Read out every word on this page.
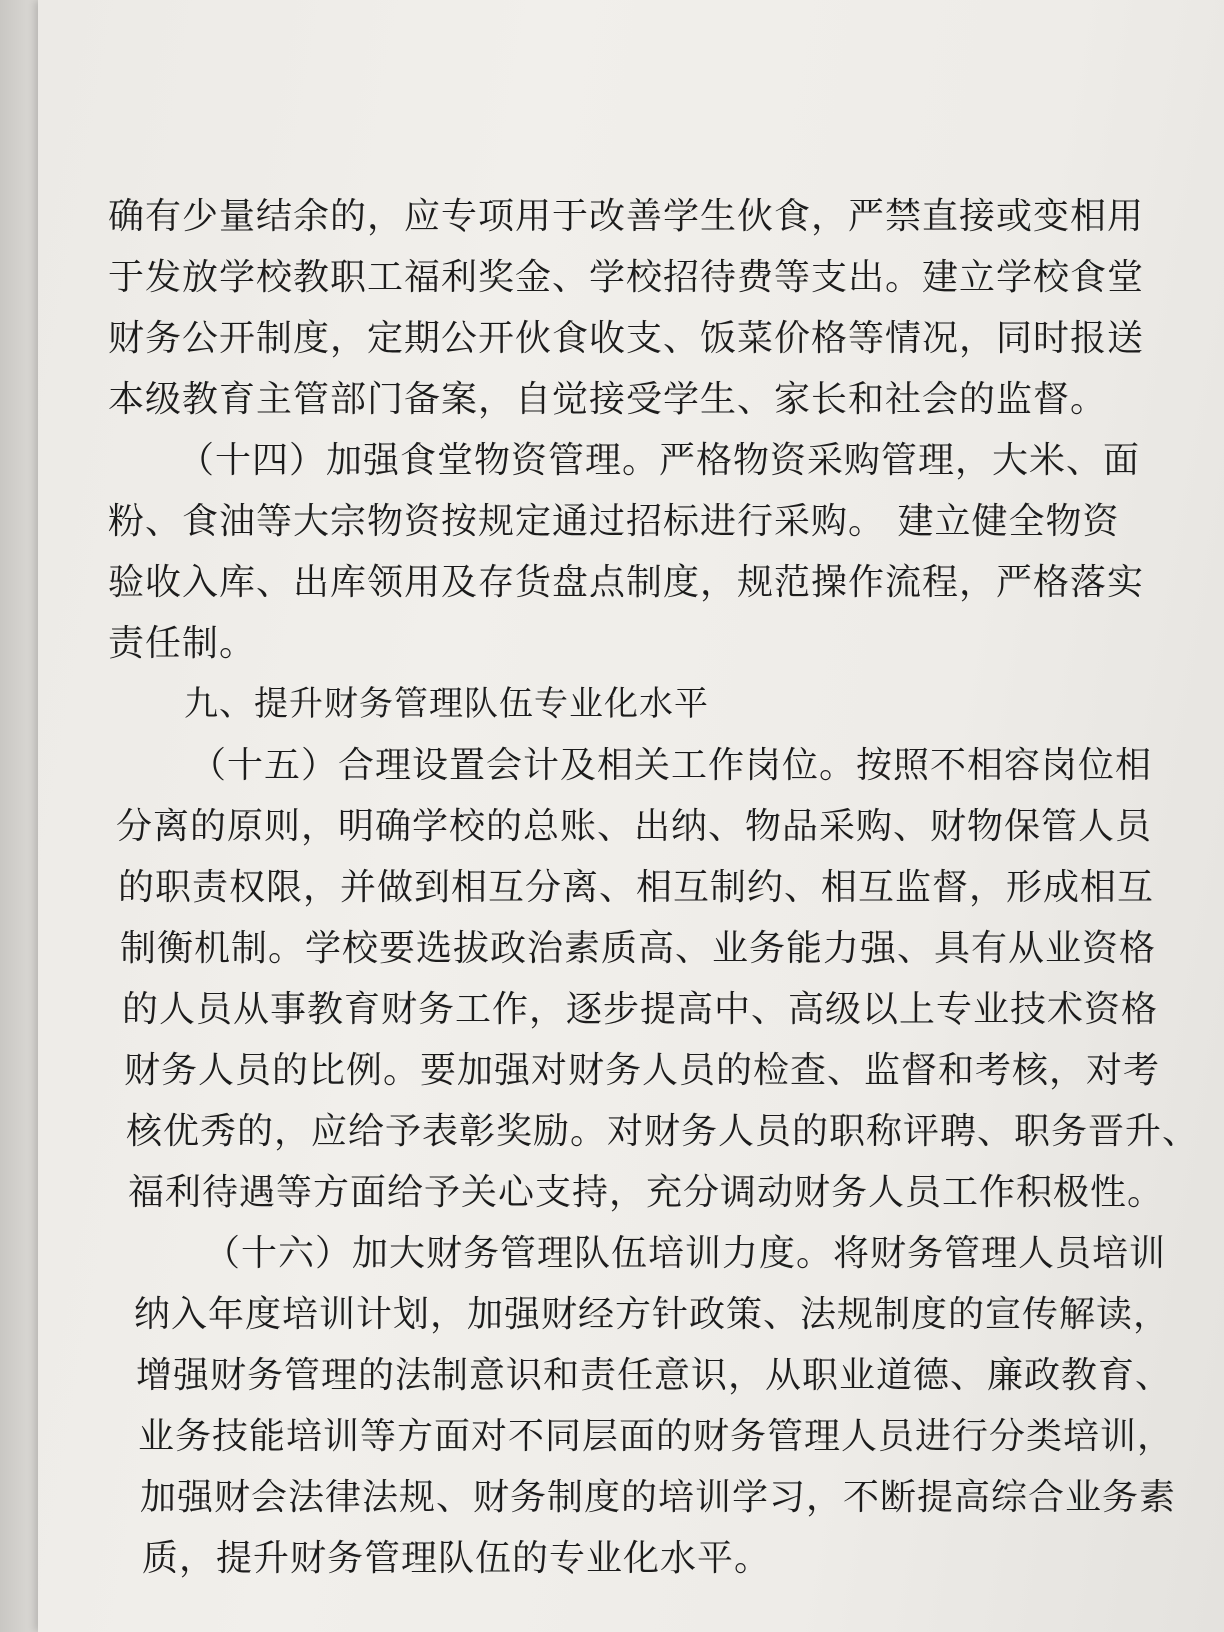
确有少量结余的，应专项用于改善学生伙食，严禁直接或变相用
于发放学校教职工福利奖金、学校招待费等支出。建立学校食堂
财务公开制度，定期公开伙食收支、饭菜价格等情况，同时报送
本级教育主管部门备案，自觉接受学生、家长和社会的监督。
（十四）加强食堂物资管理。严格物资采购管理，大米、面
粉、食油等大宗物资按规定通过招标进行采购。 建立健全物资
验收入库、出库领用及存货盘点制度，规范操作流程，严格落实
责任制。
九、提升财务管理队伍专业化水平
（十五）合理设置会计及相关工作岗位。按照不相容岗位相
分离的原则，明确学校的总账、出纳、物品采购、财物保管人员
的职责权限，并做到相互分离、相互制约、相互监督，形成相互
制衡机制。学校要选拔政治素质高、业务能力强、具有从业资格
的人员从事教育财务工作，逐步提高中、高级以上专业技术资格
财务人员的比例。要加强对财务人员的检查、监督和考核，对考
核优秀的，应给予表彰奖励。对财务人员的职称评聘、职务晋升、
福利待遇等方面给予关心支持，充分调动财务人员工作积极性。
（十六）加大财务管理队伍培训力度。将财务管理人员培训
纳入年度培训计划，加强财经方针政策、法规制度的宣传解读，
增强财务管理的法制意识和责任意识，从职业道德、廉政教育、
业务技能培训等方面对不同层面的财务管理人员进行分类培训，
加强财会法律法规、财务制度的培训学习，不断提高综合业务素
质，提升财务管理队伍的专业化水平。
